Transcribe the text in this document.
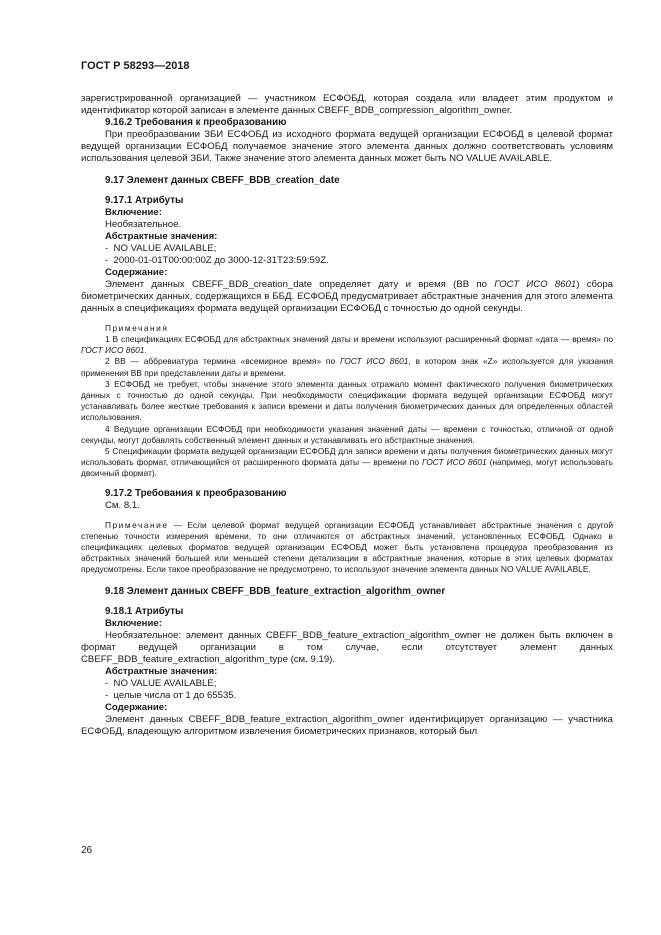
ГОСТ Р 58293—2018

зарегистрированной организацией — участником ЕСФОБД, которая создала или владеет этим продуктом и идентификатор которой записан в элементе данных CBEFF_BDB_compression_algorithm_owner.

9.16.2 Требования к преобразованию

При преобразовании ЗБИ ЕСФОБД из исходного формата ведущей организации ЕСФОБД в целевой формат ведущей организации ЕСФОБД получаемое значение этого элемента данных должно соответствовать условиям использования целевой ЗБИ. Также значение этого элемента данных может быть NO VALUE AVAILABLE.

9.17 Элемент данных CBEFF_BDB_creation_date

9.17.1 Атрибуты

Включение:

Необязательное.

Абстрактные значения:

-  NO VALUE AVAILABLE;

-  2000-01-01T00:00:00Z до 3000-12-31T23:59:59Z.

Содержание:

Элемент данных CBEFF_BDB_creation_date определяет дату и время (ВВ по ГОСТ ИСО 8601) сбора биометрических данных, содержащихся в ББД. ЕСФОБД предусматривает абстрактные значения для этого элемента данных в спецификациях формата ведущей организации ЕСФОБД с точностью до одной секунды.

Примечания

1 В спецификациях ЕСФОБД для абстрактных значений даты и времени используют расширенный формат «дата — время» по ГОСТ ИСО 8601.

2 ВВ — аббревиатура термина «всемирное время» по ГОСТ ИСО 8601, в котором знак «Z» используется для указания применения ВВ при представлении даты и времени.

3 ЕСФОБД не требует, чтобы значение этого элемента данных отражало момент фактического получения биометрических данных с точностью до одной секунды. При необходимости спецификации формата ведущей организации ЕСФОБД могут устанавливать более жесткие требования к записи времени и даты получения биометрических данных для определенных областей использования.

4 Ведущие организации ЕСФОБД при необходимости указания значений даты — времени с точностью, отличной от одной секунды, могут добавлять собственный элемент данных и устанавливать его абстрактные значения.

5 Спецификации формата ведущей организации ЕСФОБД для записи времени и даты получения биометрических данных могут использовать формат, отличающийся от расширенного формата даты — времени по ГОСТ ИСО 8601 (например, могут использовать двоичный формат).

9.17.2 Требования к преобразованию

См. 8.1.

Примечание — Если целевой формат ведущей организации ЕСФОБД устанавливает абстрактные значения с другой степенью точности измерения времени, то они отличаются от абстрактных значений, установленных ЕСФОБД. Однако в спецификациях целевых форматов ведущей организации ЕСФОБД может быть установлена процедура преобразования из абстрактных значений большей или меньшей степени детализации в абстрактные значения, которые в этих целевых форматах предусмотрены. Если такое преобразование не предусмотрено, то используют значение элемента данных NO VALUE AVAILABLE.

9.18 Элемент данных CBEFF_BDB_feature_extraction_algorithm_owner

9.18.1 Атрибуты

Включение:

Необязательное: элемент данных CBEFF_BDB_feature_extraction_algorithm_owner не должен быть включен в формат ведущей организации в том случае, если отсутствует элемент данных CBEFF_BDB_feature_extraction_algorithm_type (см. 9.19).

Абстрактные значения:

-  NO VALUE AVAILABLE;

-  целые числа от 1 до 65535.

Содержание:

Элемент данных CBEFF_BDB_feature_extraction_algorithm_owner идентифицирует организацию — участника ЕСФОБД, владеющую алгоритмом извлечения биометрических признаков, который был

26
